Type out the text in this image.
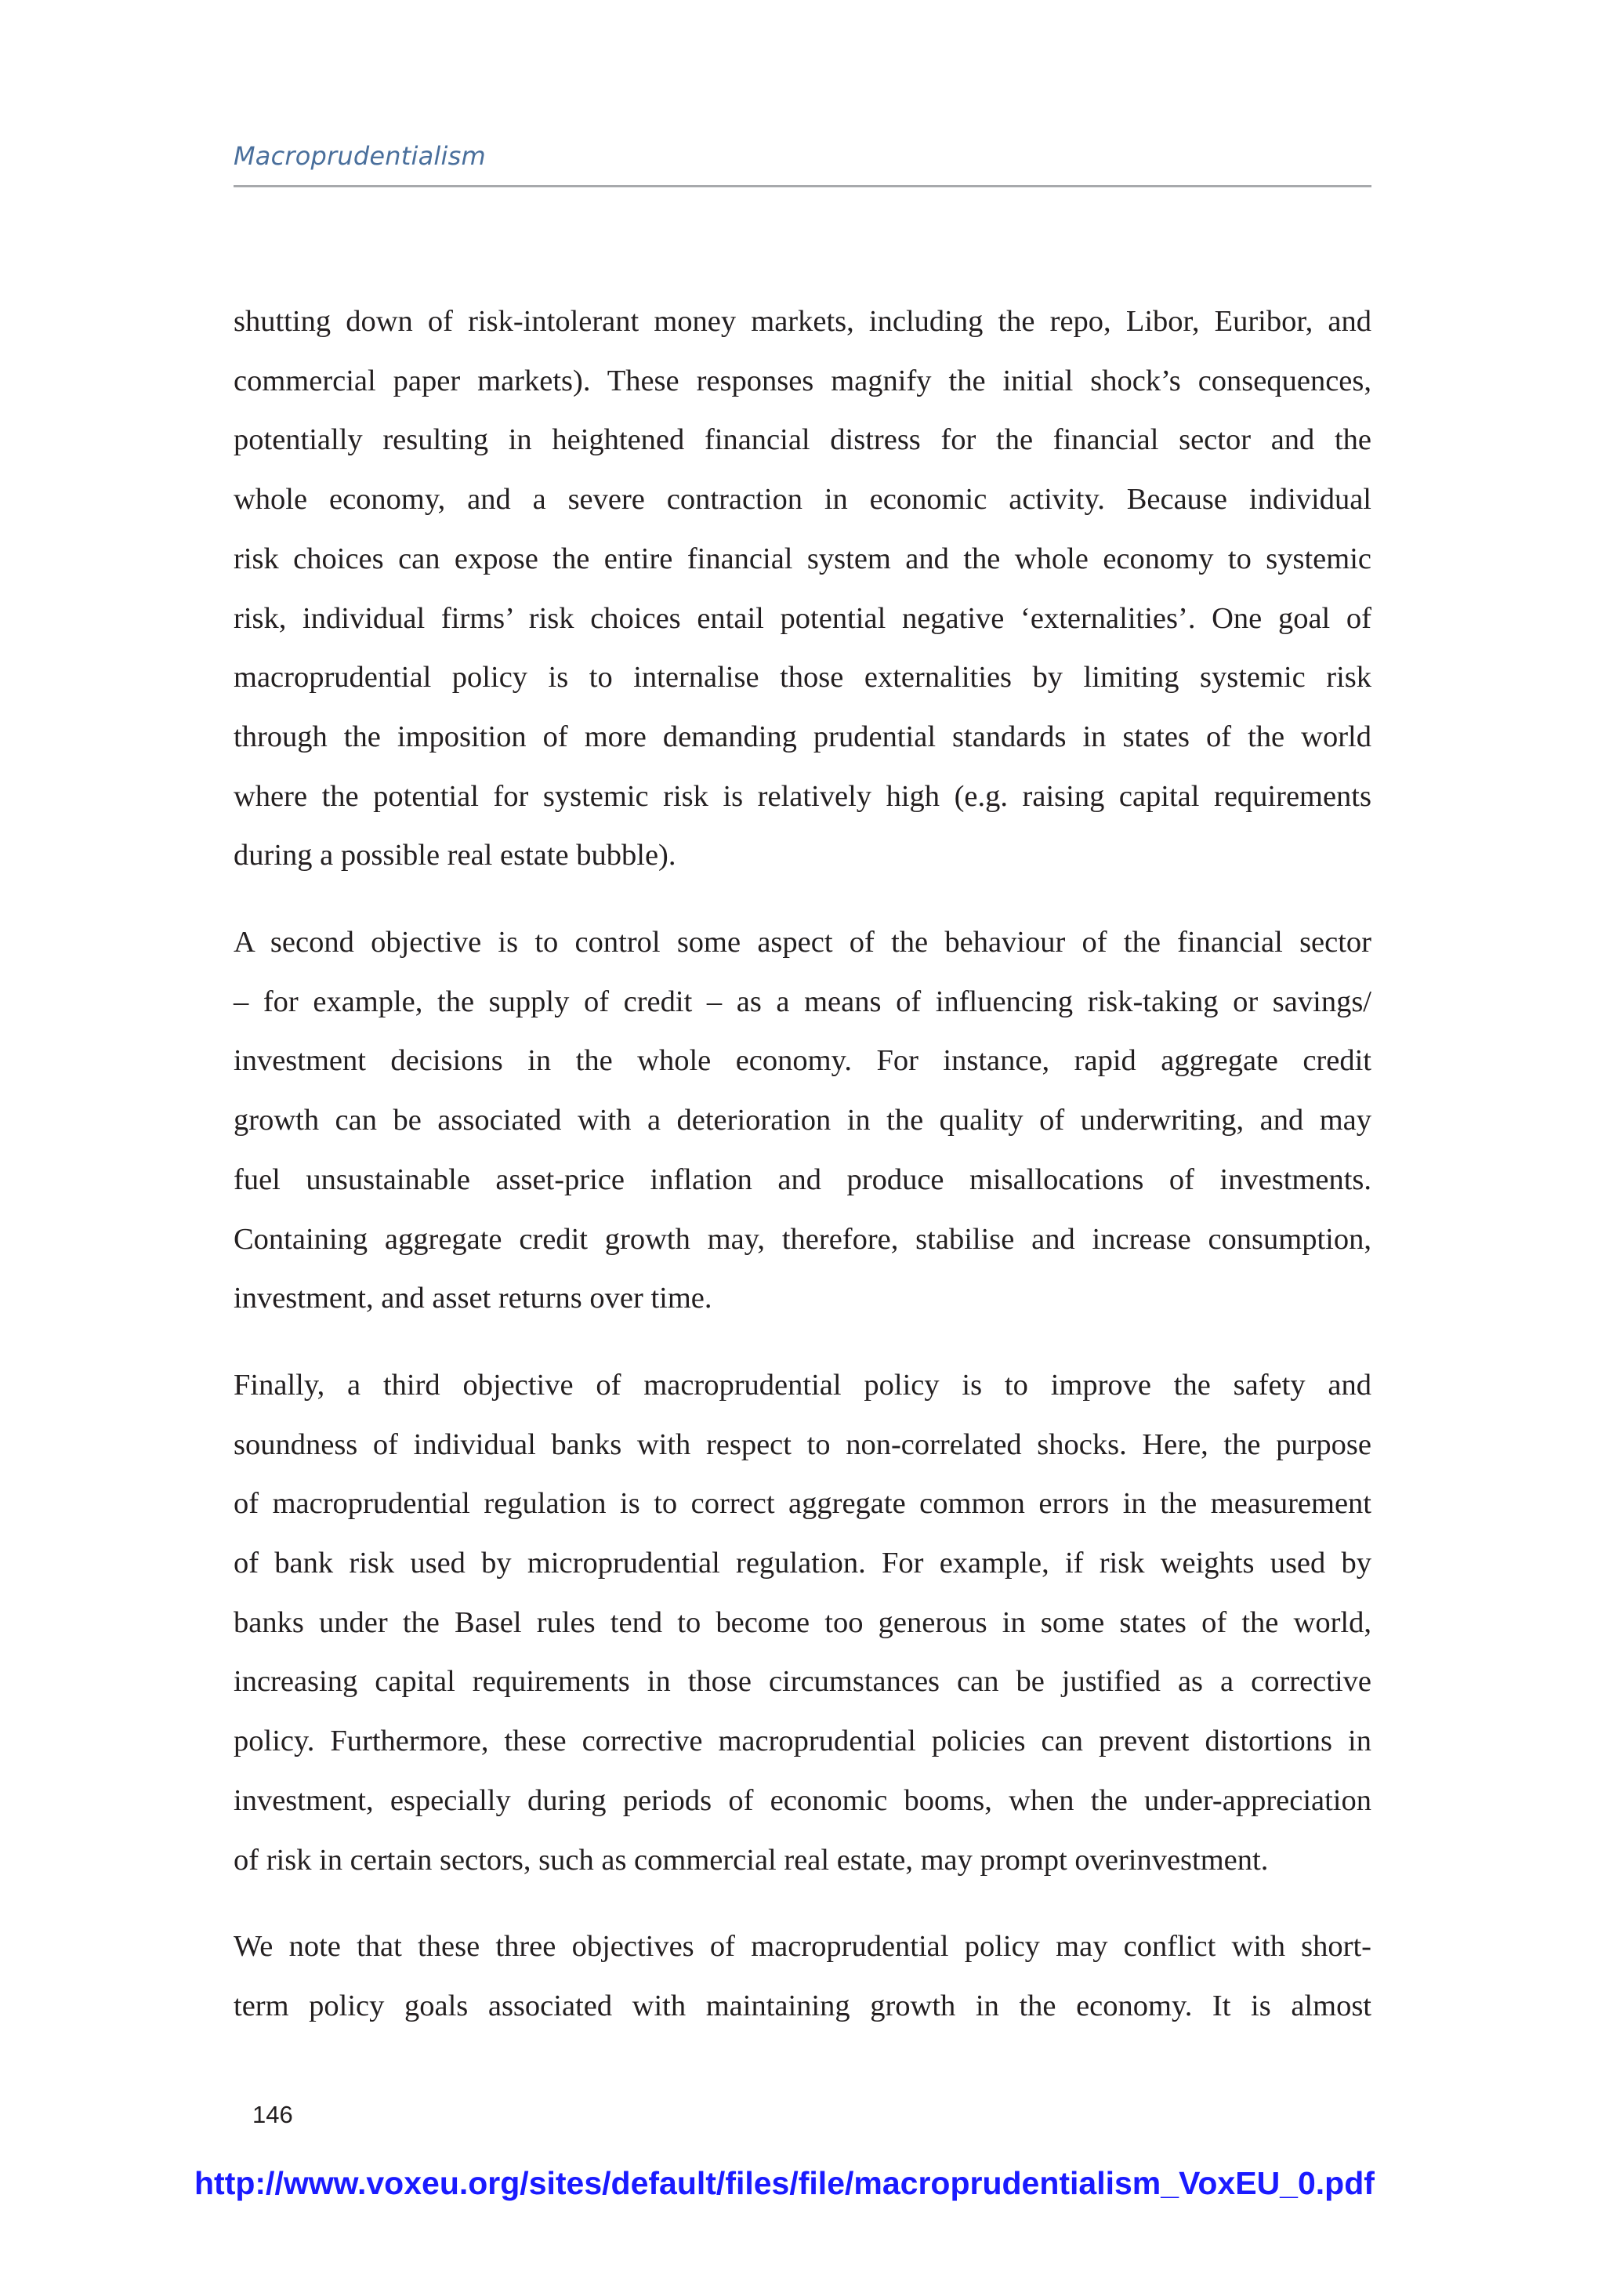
Macroprudentialism

shutting down of risk-intolerant money markets, including the repo, Libor, Euribor, and
commercial paper markets). These responses magnify the initial shock’s consequences,
potentially resulting in heightened financial distress for the financial sector and the
whole economy, and a severe contraction in economic activity. Because individual
risk choices can expose the entire financial system and the whole economy to systemic
risk, individual firms’ risk choices entail potential negative ‘externalities’. One goal of
macroprudential policy is to internalise those externalities by limiting systemic risk
through the imposition of more demanding prudential standards in states of the world
where the potential for systemic risk is relatively high (e.g. raising capital requirements
during a possible real estate bubble).

A second objective is to control some aspect of the behaviour of the financial sector
– for example, the supply of credit – as a means of influencing risk-taking or savings/
investment decisions in the whole economy. For instance, rapid aggregate credit
growth can be associated with a deterioration in the quality of underwriting, and may
fuel unsustainable asset-price inflation and produce misallocations of investments.
Containing aggregate credit growth may, therefore, stabilise and increase consumption,
investment, and asset returns over time.

Finally, a third objective of macroprudential policy is to improve the safety and
soundness of individual banks with respect to non-correlated shocks. Here, the purpose
of macroprudential regulation is to correct aggregate common errors in the measurement
of bank risk used by microprudential regulation. For example, if risk weights used by
banks under the Basel rules tend to become too generous in some states of the world,
increasing capital requirements in those circumstances can be justified as a corrective
policy. Furthermore, these corrective macroprudential policies can prevent distortions in
investment, especially during periods of economic booms, when the under-appreciation
of risk in certain sectors, such as commercial real estate, may prompt overinvestment.

We note that these three objectives of macroprudential policy may conflict with short-
term policy goals associated with maintaining growth in the economy. It is almost

146
http://www.voxeu.org/sites/default/files/file/macroprudentialism_VoxEU_0.pdf
